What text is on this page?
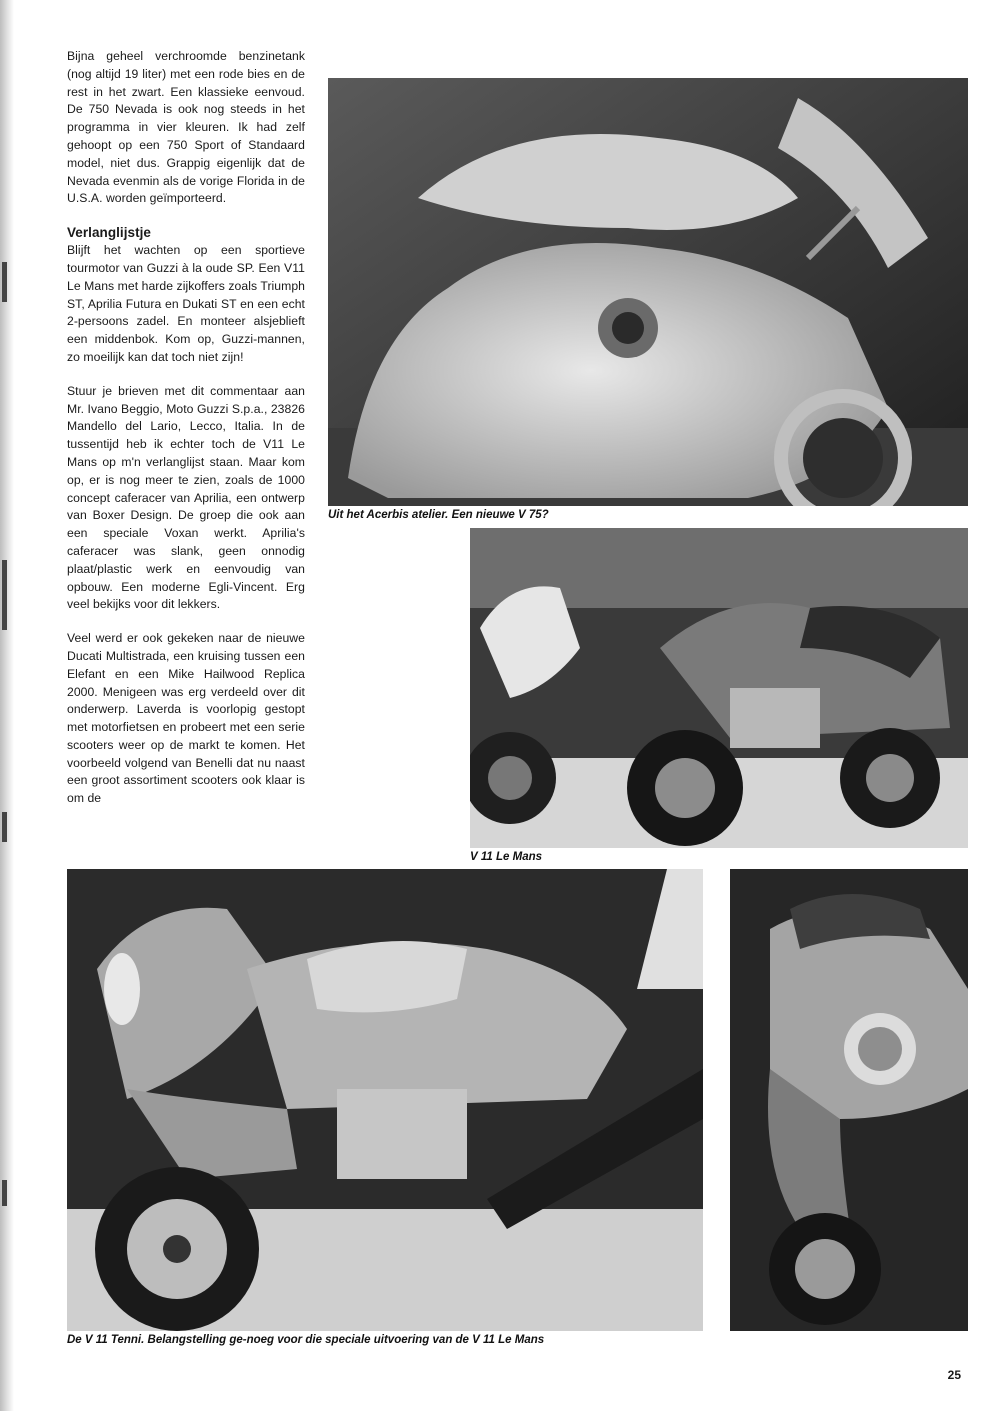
Bijna geheel verchroomde benzinetank (nog altijd 19 liter) met een rode bies en de rest in het zwart. Een klassieke eenvoud. De 750 Nevada is ook nog steeds in het programma in vier kleuren. Ik had zelf gehoopt op een 750 Sport of Standaard model, niet dus. Grappig eigenlijk dat de Nevada evenmin als de vorige Florida in de U.S.A. worden geïmporteerd.

Verlanglijstje

Blijft het wachten op een sportieve tourmotor van Guzzi à la oude SP. Een V11 Le Mans met harde zijkoffers zoals Triumph ST, Aprilia Futura en Dukati ST en een echt 2-persoons zadel. En monteer alsjeblieft een middenbok. Kom op, Guzzi-mannen, zo moeilijk kan dat toch niet zijn!

Stuur je brieven met dit commentaar aan Mr. Ivano Beggio, Moto Guzzi S.p.a., 23826 Mandello del Lario, Lecco, Italia. In de tussentijd heb ik echter toch de V11 Le Mans op m'n verlanglijst staan. Maar kom op, er is nog meer te zien, zoals de 1000 concept caferacer van Aprilia, een ontwerp van Boxer Design. De groep die ook aan een speciale Voxan werkt. Aprilia's caferacer was slank, geen onnodig plaat/plastic werk en eenvoudig van opbouw. Een moderne Egli-Vincent. Erg veel bekijks voor dit lekkers.

Veel werd er ook gekeken naar de nieuwe Ducati Multistrada, een kruising tussen een Elefant en een Mike Hailwood Replica 2000. Menigeen was erg verdeeld over dit onderwerp. Laverda is voorlopig gestopt met motorfietsen en probeert met een serie scooters weer op de markt te komen. Het voorbeeld volgend van Benelli dat nu naast een groot assortiment scooters ook klaar is om de

Uit het Acerbis atelier. Een nieuwe V 75?
V 11 Le Mans
De V 11 Tenni. Belangstelling ge-noeg voor die speciale uitvoering van de V 11 Le Mans
25
